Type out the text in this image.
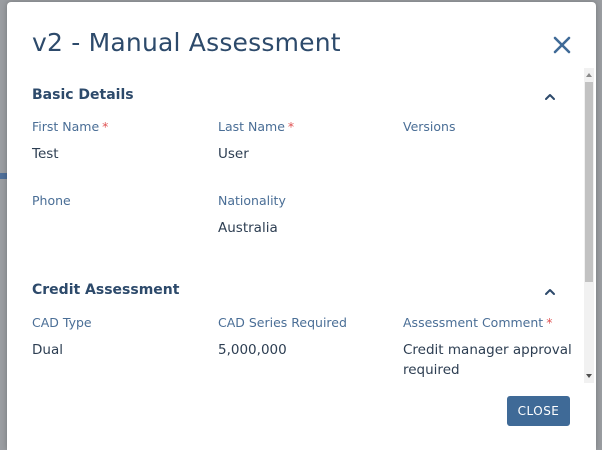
v2 - Manual Assessment
Basic Details
First Name *
Test
Last Name *
User
Versions
Phone	Nationality
Australia
Credit Assessment
CAD Type
Dual
CAD Series Required
5,000,000
Assessment Comment *
Credit manager approval
required
CLOSE
